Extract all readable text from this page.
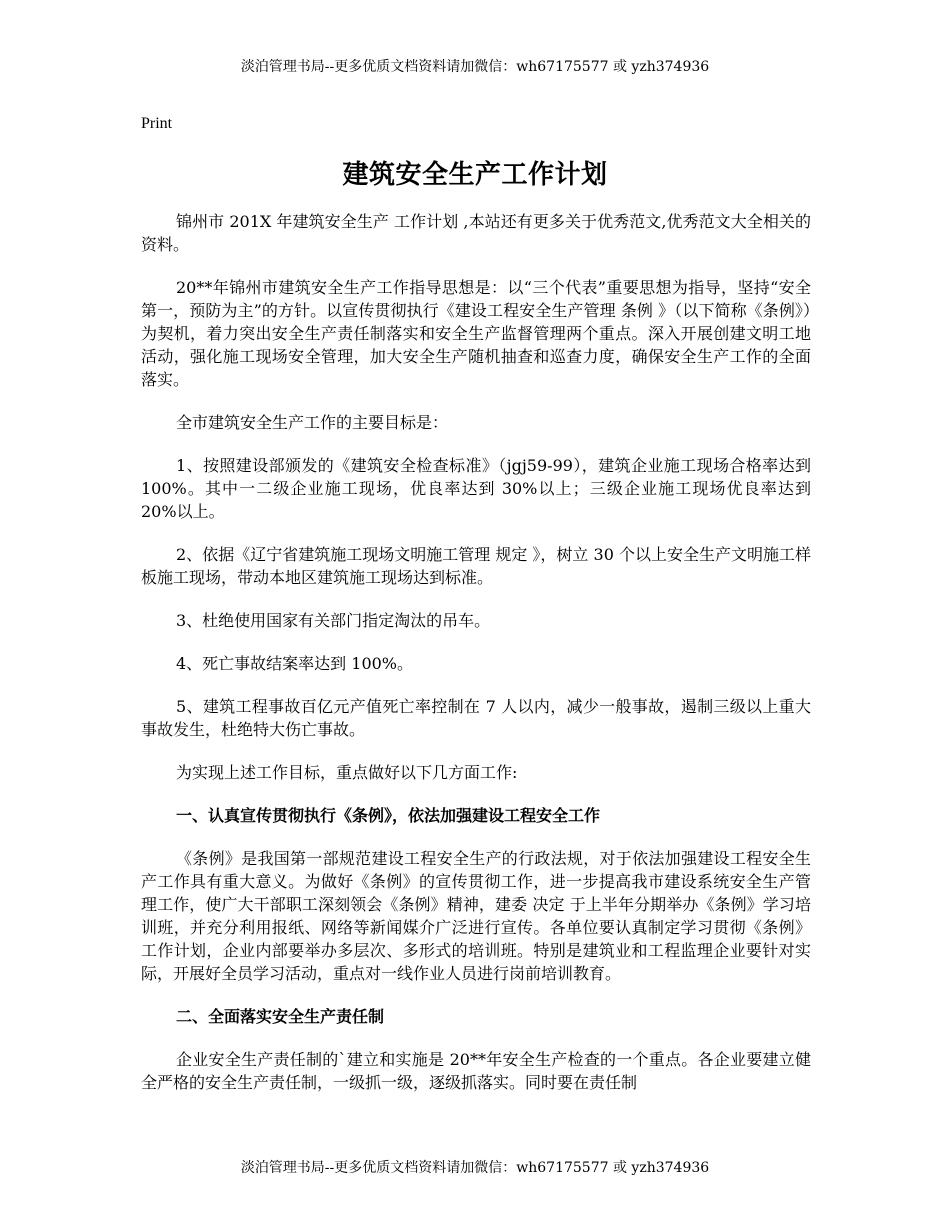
淡泊管理书局--更多优质文档资料请加微信：wh67175577 或 yzh374936
Print
建筑安全生产工作计划

锦州市 201X 年建筑安全生产 工作计划 ,本站还有更多关于优秀范文,优秀范文大全相关的资料。

20**年锦州市建筑安全生产工作指导思想是：以“三个代表”重要思想为指导，坚持“安全第一，预防为主”的方针。以宣传贯彻执行《建设工程安全生产管理 条例 》（以下简称《条例》）为契机，着力突出安全生产责任制落实和安全生产监督管理两个重点。深入开展创建文明工地活动，强化施工现场安全管理，加大安全生产随机抽查和巡查力度，确保安全生产工作的全面落实。

全市建筑安全生产工作的主要目标是：

1、按照建设部颁发的《建筑安全检查标准》（jgj59-99），建筑企业施工现场合格率达到 100%。其中一二级企业施工现场，优良率达到 30%以上；三级企业施工现场优良率达到 20%以上。

2、依据《辽宁省建筑施工现场文明施工管理 规定 》，树立 30 个以上安全生产文明施工样板施工现场，带动本地区建筑施工现场达到标准。

3、杜绝使用国家有关部门指定淘汰的吊车。

4、死亡事故结案率达到 100%。

5、建筑工程事故百亿元产值死亡率控制在 7 人以内，减少一般事故，遏制三级以上重大事故发生，杜绝特大伤亡事故。

为实现上述工作目标，重点做好以下几方面工作:

一、认真宣传贯彻执行《条例》，依法加强建设工程安全工作

《条例》是我国第一部规范建设工程安全生产的行政法规，对于依法加强建设工程安全生产工作具有重大意义。为做好《条例》的宣传贯彻工作，进一步提高我市建设系统安全生产管理工作，使广大干部职工深刻领会《条例》精神，建委 决定 于上半年分期举办《条例》学习培训班，并充分利用报纸、网络等新闻媒介广泛进行宣传。各单位要认真制定学习贯彻《条例》工作计划，企业内部要举办多层次、多形式的培训班。特别是建筑业和工程监理企业要针对实际，开展好全员学习活动，重点对一线作业人员进行岗前培训教育。

二、全面落实安全生产责任制

企业安全生产责任制的`建立和实施是 20**年安全生产检查的一个重点。各企业要建立健全严格的安全生产责任制，一级抓一级，逐级抓落实。同时要在责任制

淡泊管理书局--更多优质文档资料请加微信：wh67175577 或 yzh374936
